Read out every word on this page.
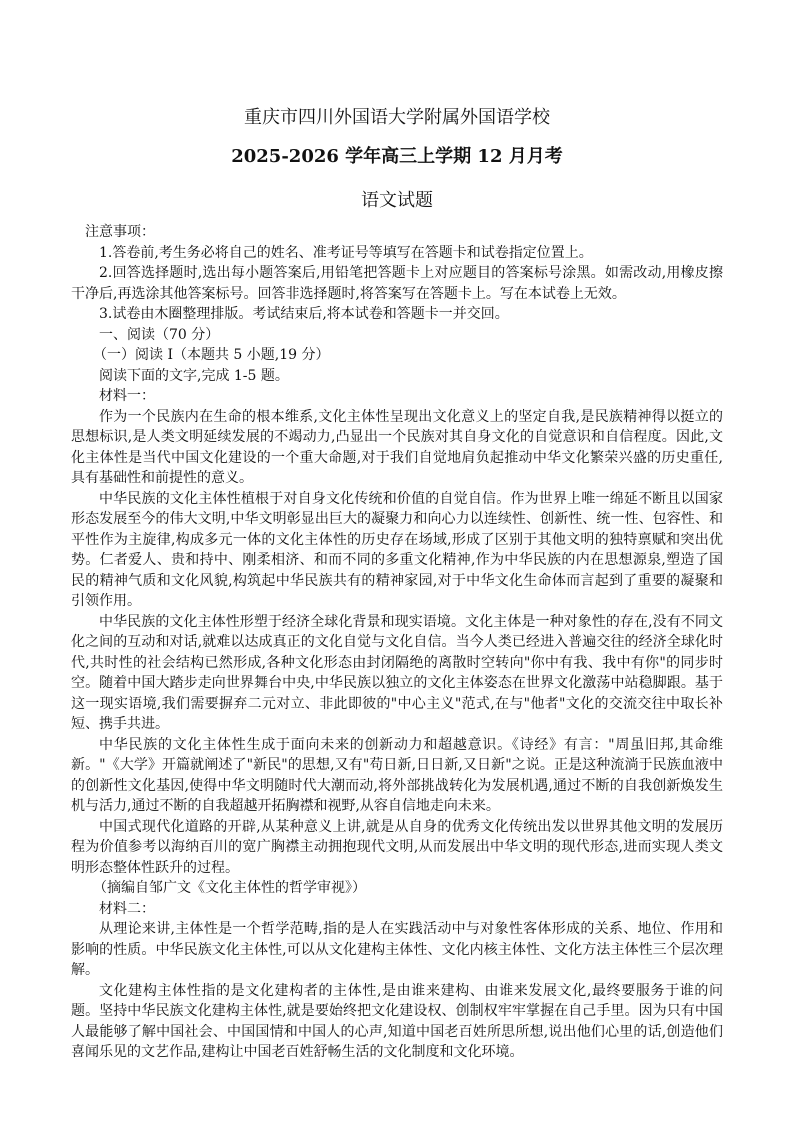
重庆市四川外国语大学附属外国语学校
2025-2026 学年高三上学期 12 月月考
语文试题

注意事项：

1.答卷前,考生务必将自己的姓名、准考证号等填写在答题卡和试卷指定位置上。

2.回答选择题时,选出每小题答案后,用铅笔把答题卡上对应题目的答案标号涂黑。如需改动,用橡皮擦干净后,再选涂其他答案标号。回答非选择题时,将答案写在答题卡上。写在本试卷上无效。

3.试卷由木圈整理排版。考试结束后,将本试卷和答题卡一并交回。

一、阅读（70 分）

（一）阅读 I（本题共 5 小题,19 分）

阅读下面的文字,完成 1-5 题。

材料一：

作为一个民族内在生命的根本维系,文化主体性呈现出文化意义上的坚定自我,是民族精神得以挺立的思想标识,是人类文明延续发展的不竭动力,凸显出一个民族对其自身文化的自觉意识和自信程度。因此,文化主体性是当代中国文化建设的一个重大命题,对于我们自觉地肩负起推动中华文化繁荣兴盛的历史重任,具有基础性和前提性的意义。

中华民族的文化主体性植根于对自身文化传统和价值的自觉自信。作为世界上唯一绵延不断且以国家形态发展至今的伟大文明,中华文明彰显出巨大的凝聚力和向心力以连续性、创新性、统一性、包容性、和平性作为主旋律,构成多元一体的文化主体性的历史存在场域,形成了区别于其他文明的独特禀赋和突出优势。仁者爱人、贵和持中、刚柔相济、和而不同的多重文化精神,作为中华民族的内在思想源泉,塑造了国民的精神气质和文化风貌,构筑起中华民族共有的精神家园,对于中华文化生命体而言起到了重要的凝聚和引领作用。

中华民族的文化主体性形塑于经济全球化背景和现实语境。文化主体是一种对象性的存在,没有不同文化之间的互动和对话,就难以达成真正的文化自觉与文化自信。当今人类已经进入普遍交往的经济全球化时代,共时性的社会结构已然形成,各种文化形态由封闭隔绝的离散时空转向"你中有我、我中有你"的同步时空。随着中国大踏步走向世界舞台中央,中华民族以独立的文化主体姿态在世界文化激荡中站稳脚跟。基于这一现实语境,我们需要摒弃二元对立、非此即彼的"中心主义"范式,在与"他者"文化的交流交往中取长补短、携手共进。

中华民族的文化主体性生成于面向未来的创新动力和超越意识。《诗经》有言："周虽旧邦,其命维新。"《大学》开篇就阐述了"新民"的思想,又有"苟日新,日日新,又日新"之说。正是这种流淌于民族血液中的创新性文化基因,使得中华文明随时代大潮而动,将外部挑战转化为发展机遇,通过不断的自我创新焕发生机与活力,通过不断的自我超越开拓胸襟和视野,从容自信地走向未来。

中国式现代化道路的开辟,从某种意义上讲,就是从自身的优秀文化传统出发以世界其他文明的发展历程为价值参考以海纳百川的宽广胸襟主动拥抱现代文明,从而发展出中华文明的现代形态,进而实现人类文明形态整体性跃升的过程。

（摘编自邹广文《文化主体性的哲学审视》）

材料二：

从理论来讲,主体性是一个哲学范畴,指的是人在实践活动中与对象性客体形成的关系、地位、作用和影响的性质。中华民族文化主体性,可以从文化建构主体性、文化内核主体性、文化方法主体性三个层次理解。

文化建构主体性指的是文化建构者的主体性,是由谁来建构、由谁来发展文化,最终要服务于谁的问题。坚持中华民族文化建构主体性,就是要始终把文化建设权、创制权牢牢掌握在自己手里。因为只有中国人最能够了解中国社会、中国国情和中国人的心声,知道中国老百姓所思所想,说出他们心里的话,创造他们喜闻乐见的文艺作品,建构让中国老百姓舒畅生活的文化制度和文化环境。
